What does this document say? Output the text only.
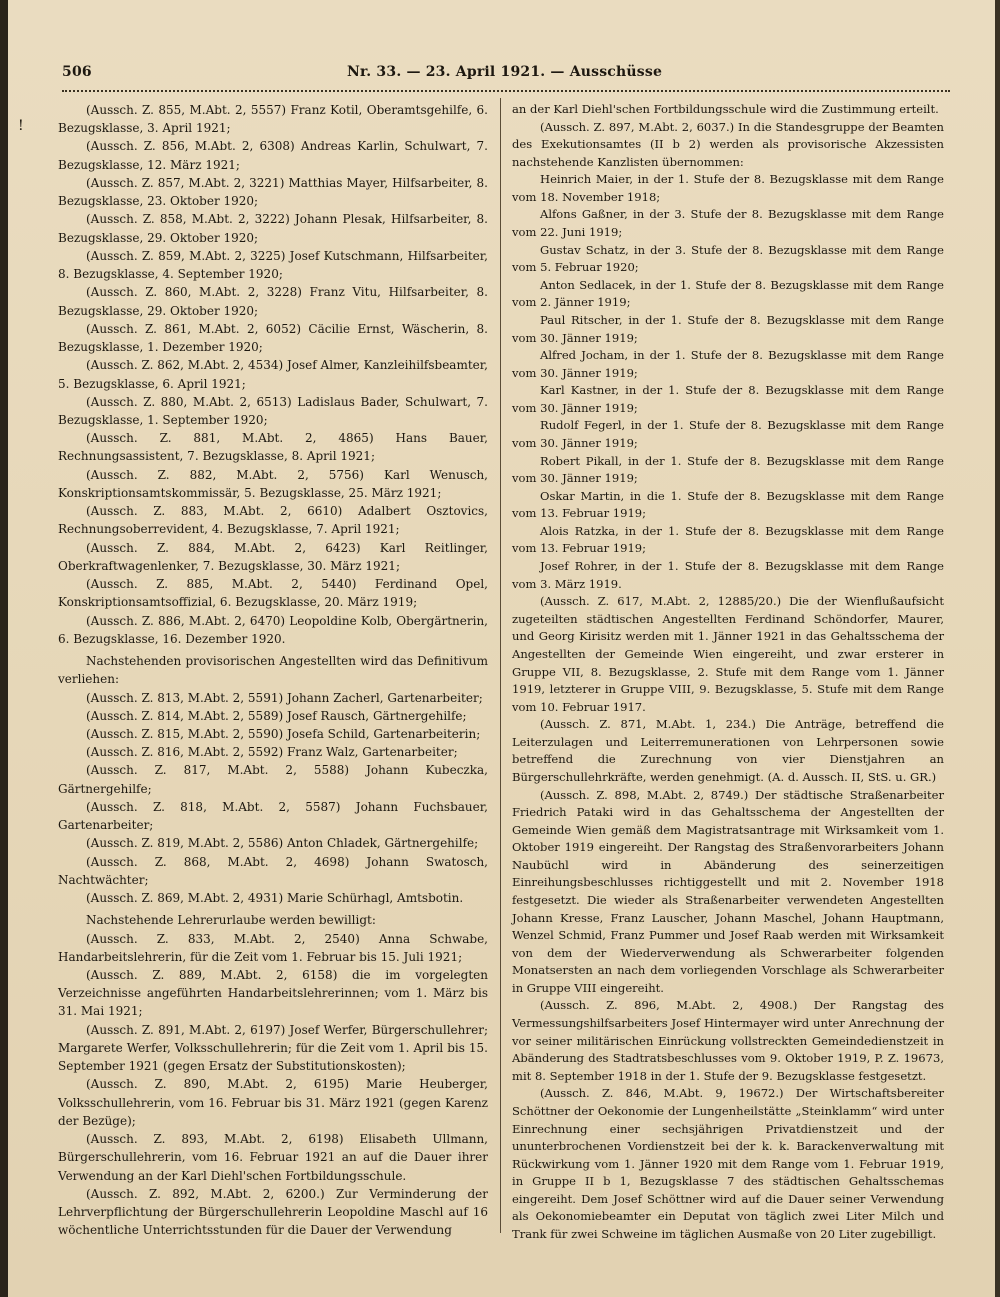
!
506	Nr. 33. — 23. April 1921. — Ausschüsse

(Aussch. Z. 855, M.Abt. 2, 5557) Franz Kotil, Oberamtsgehilfe, 6. Bezugsklasse, 3. April 1921;

(Aussch. Z. 856, M.Abt. 2, 6308) Andreas Karlin, Schulwart, 7. Bezugsklasse, 12. März 1921;

(Aussch. Z. 857, M.Abt. 2, 3221) Matthias Mayer, Hilfsarbeiter, 8. Bezugsklasse, 23. Oktober 1920;

(Aussch. Z. 858, M.Abt. 2, 3222) Johann Plesak, Hilfsarbeiter, 8. Bezugsklasse, 29. Oktober 1920;

(Aussch. Z. 859, M.Abt. 2, 3225) Josef Kutschmann, Hilfsarbeiter, 8. Bezugsklasse, 4. September 1920;

(Aussch. Z. 860, M.Abt. 2, 3228) Franz Vitu, Hilfsarbeiter, 8. Bezugsklasse, 29. Oktober 1920;

(Aussch. Z. 861, M.Abt. 2, 6052) Cäcilie Ernst, Wäscherin, 8. Bezugsklasse, 1. Dezember 1920;

(Aussch. Z. 862, M.Abt. 2, 4534) Josef Almer, Kanzleihilfsbeamter, 5. Bezugsklasse, 6. April 1921;

(Aussch. Z. 880, M.Abt. 2, 6513) Ladislaus Bader, Schulwart, 7. Bezugsklasse, 1. September 1920;

(Aussch. Z. 881, M.Abt. 2, 4865) Hans Bauer, Rechnungsassistent, 7. Bezugsklasse, 8. April 1921;

(Aussch. Z. 882, M.Abt. 2, 5756) Karl Wenusch, Konskriptionsamtskommissär, 5. Bezugsklasse, 25. März 1921;

(Aussch. Z. 883, M.Abt. 2, 6610) Adalbert Osztovics, Rechnungsoberrevident, 4. Bezugsklasse, 7. April 1921;

(Aussch. Z. 884, M.Abt. 2, 6423) Karl Reitlinger, Oberkraftwagenlenker, 7. Bezugsklasse, 30. März 1921;

(Aussch. Z. 885, M.Abt. 2, 5440) Ferdinand Opel, Konskriptionsamtsoffizial, 6. Bezugsklasse, 20. März 1919;

(Aussch. Z. 886, M.Abt. 2, 6470) Leopoldine Kolb, Obergärtnerin, 6. Bezugsklasse, 16. Dezember 1920.

Nachstehenden provisorischen Angestellten wird das Definitivum verliehen:

(Aussch. Z. 813, M.Abt. 2, 5591) Johann Zacherl, Gartenarbeiter;

(Aussch. Z. 814, M.Abt. 2, 5589) Josef Rausch, Gärtnergehilfe;

(Aussch. Z. 815, M.Abt. 2, 5590) Josefa Schild, Gartenarbeiterin;

(Aussch. Z. 816, M.Abt. 2, 5592) Franz Walz, Gartenarbeiter;

(Aussch. Z. 817, M.Abt. 2, 5588) Johann Kubeczka, Gärtnergehilfe;

(Aussch. Z. 818, M.Abt. 2, 5587) Johann Fuchsbauer, Gartenarbeiter;

(Aussch. Z. 819, M.Abt. 2, 5586) Anton Chladek, Gärtnergehilfe;

(Aussch. Z. 868, M.Abt. 2, 4698) Johann Swatosch, Nachtwächter;

(Aussch. Z. 869, M.Abt. 2, 4931) Marie Schürhagl, Amtsbotin.

Nachstehende Lehrerurlaube werden bewilligt:

(Aussch. Z. 833, M.Abt. 2, 2540) Anna Schwabe, Handarbeitslehrerin, für die Zeit vom 1. Februar bis 15. Juli 1921;

(Aussch. Z. 889, M.Abt. 2, 6158) die im vorgelegten Verzeichnisse angeführten Handarbeitslehrerinnen; vom 1. März bis 31. Mai 1921;

(Aussch. Z. 891, M.Abt. 2, 6197) Josef Werfer, Bürgerschullehrer; Margarete Werfer, Volksschullehrerin; für die Zeit vom 1. April bis 15. September 1921 (gegen Ersatz der Substitutionskosten);

(Aussch. Z. 890, M.Abt. 2, 6195) Marie Heuberger, Volksschullehrerin, vom 16. Februar bis 31. März 1921 (gegen Karenz der Bezüge);

(Aussch. Z. 893, M.Abt. 2, 6198) Elisabeth Ullmann, Bürgerschullehrerin, vom 16. Februar 1921 an auf die Dauer ihrer Verwendung an der Karl Diehl'schen Fortbildungsschule.

(Aussch. Z. 892, M.Abt. 2, 6200.) Zur Verminderung der Lehrverpflichtung der Bürgerschullehrerin Leopoldine Maschl auf 16 wöchentliche Unterrichtsstunden für die Dauer der Verwendung

an der Karl Diehl'schen Fortbildungsschule wird die Zustimmung erteilt.

(Aussch. Z. 897, M.Abt. 2, 6037.) In die Standesgruppe der Beamten des Exekutionsamtes (II b 2) werden als provisorische Akzessisten nachstehende Kanzlisten übernommen:

Heinrich Maier, in der 1. Stufe der 8. Bezugsklasse mit dem Range vom 18. November 1918;

Alfons Gaßner, in der 3. Stufe der 8. Bezugsklasse mit dem Range vom 22. Juni 1919;

Gustav Schatz, in der 3. Stufe der 8. Bezugsklasse mit dem Range vom 5. Februar 1920;

Anton Sedlacek, in der 1. Stufe der 8. Bezugsklasse mit dem Range vom 2. Jänner 1919;

Paul Ritscher, in der 1. Stufe der 8. Bezugsklasse mit dem Range vom 30. Jänner 1919;

Alfred Jocham, in der 1. Stufe der 8. Bezugsklasse mit dem Range vom 30. Jänner 1919;

Karl Kastner, in der 1. Stufe der 8. Bezugsklasse mit dem Range vom 30. Jänner 1919;

Rudolf Fegerl, in der 1. Stufe der 8. Bezugsklasse mit dem Range vom 30. Jänner 1919;

Robert Pikall, in der 1. Stufe der 8. Bezugsklasse mit dem Range vom 30. Jänner 1919;

Oskar Martin, in die 1. Stufe der 8. Bezugsklasse mit dem Range vom 13. Februar 1919;

Alois Ratzka, in der 1. Stufe der 8. Bezugsklasse mit dem Range vom 13. Februar 1919;

Josef Rohrer, in der 1. Stufe der 8. Bezugsklasse mit dem Range vom 3. März 1919.

(Aussch. Z. 617, M.Abt. 2, 12885/20.) Die der Wienflußaufsicht zugeteilten städtischen Angestellten Ferdinand Schöndorfer, Maurer, und Georg Kirisitz werden mit 1. Jänner 1921 in das Gehaltsschema der Angestellten der Gemeinde Wien eingereiht, und zwar ersterer in Gruppe VII, 8. Bezugsklasse, 2. Stufe mit dem Range vom 1. Jänner 1919, letzterer in Gruppe VIII, 9. Bezugsklasse, 5. Stufe mit dem Range vom 10. Februar 1917.

(Aussch. Z. 871, M.Abt. 1, 234.) Die Anträge, betreffend die Leiterzulagen und Leiterremunerationen von Lehrpersonen sowie betreffend die Zurechnung von vier Dienstjahren an Bürgerschullehrkräfte, werden genehmigt. (A. d. Aussch. II, StS. u. GR.)

(Aussch. Z. 898, M.Abt. 2, 8749.) Der städtische Straßenarbeiter Friedrich Pataki wird in das Gehaltsschema der Angestellten der Gemeinde Wien gemäß dem Magistratsantrage mit Wirksamkeit vom 1. Oktober 1919 eingereiht. Der Rangstag des Straßenvorarbeiters Johann Naubüchl wird in Abänderung des seinerzeitigen Einreihungsbeschlusses richtiggestellt und mit 2. November 1918 festgesetzt. Die wieder als Straßenarbeiter verwendeten Angestellten Johann Kresse, Franz Lauscher, Johann Maschel, Johann Hauptmann, Wenzel Schmid, Franz Pummer und Josef Raab werden mit Wirksamkeit von dem der Wiederverwendung als Schwerarbeiter folgenden Monatsersten an nach dem vorliegenden Vorschlage als Schwerarbeiter in Gruppe VIII eingereiht.

(Aussch. Z. 896, M.Abt. 2, 4908.) Der Rangstag des Vermessungshilfsarbeiters Josef Hintermayer wird unter Anrechnung der vor seiner militärischen Einrückung vollstreckten Gemeindedienstzeit in Abänderung des Stadtratsbeschlusses vom 9. Oktober 1919, P. Z. 19673, mit 8. September 1918 in der 1. Stufe der 9. Bezugsklasse festgesetzt.

(Aussch. Z. 846, M.Abt. 9, 19672.) Der Wirtschaftsbereiter Schöttner der Oekonomie der Lungenheilstätte „Steinklamm“ wird unter Einrechnung einer sechsjährigen Privatdienstzeit und der ununterbrochenen Vordienstzeit bei der k. k. Barackenverwaltung mit Rückwirkung vom 1. Jänner 1920 mit dem Range vom 1. Februar 1919, in Gruppe II b 1, Bezugsklasse 7 des städtischen Gehaltsschemas eingereiht. Dem Josef Schöttner wird auf die Dauer seiner Verwendung als Oekonomiebeamter ein Deputat von täglich zwei Liter Milch und Trank für zwei Schweine im täglichen Ausmaße von 20 Liter zugebilligt.
